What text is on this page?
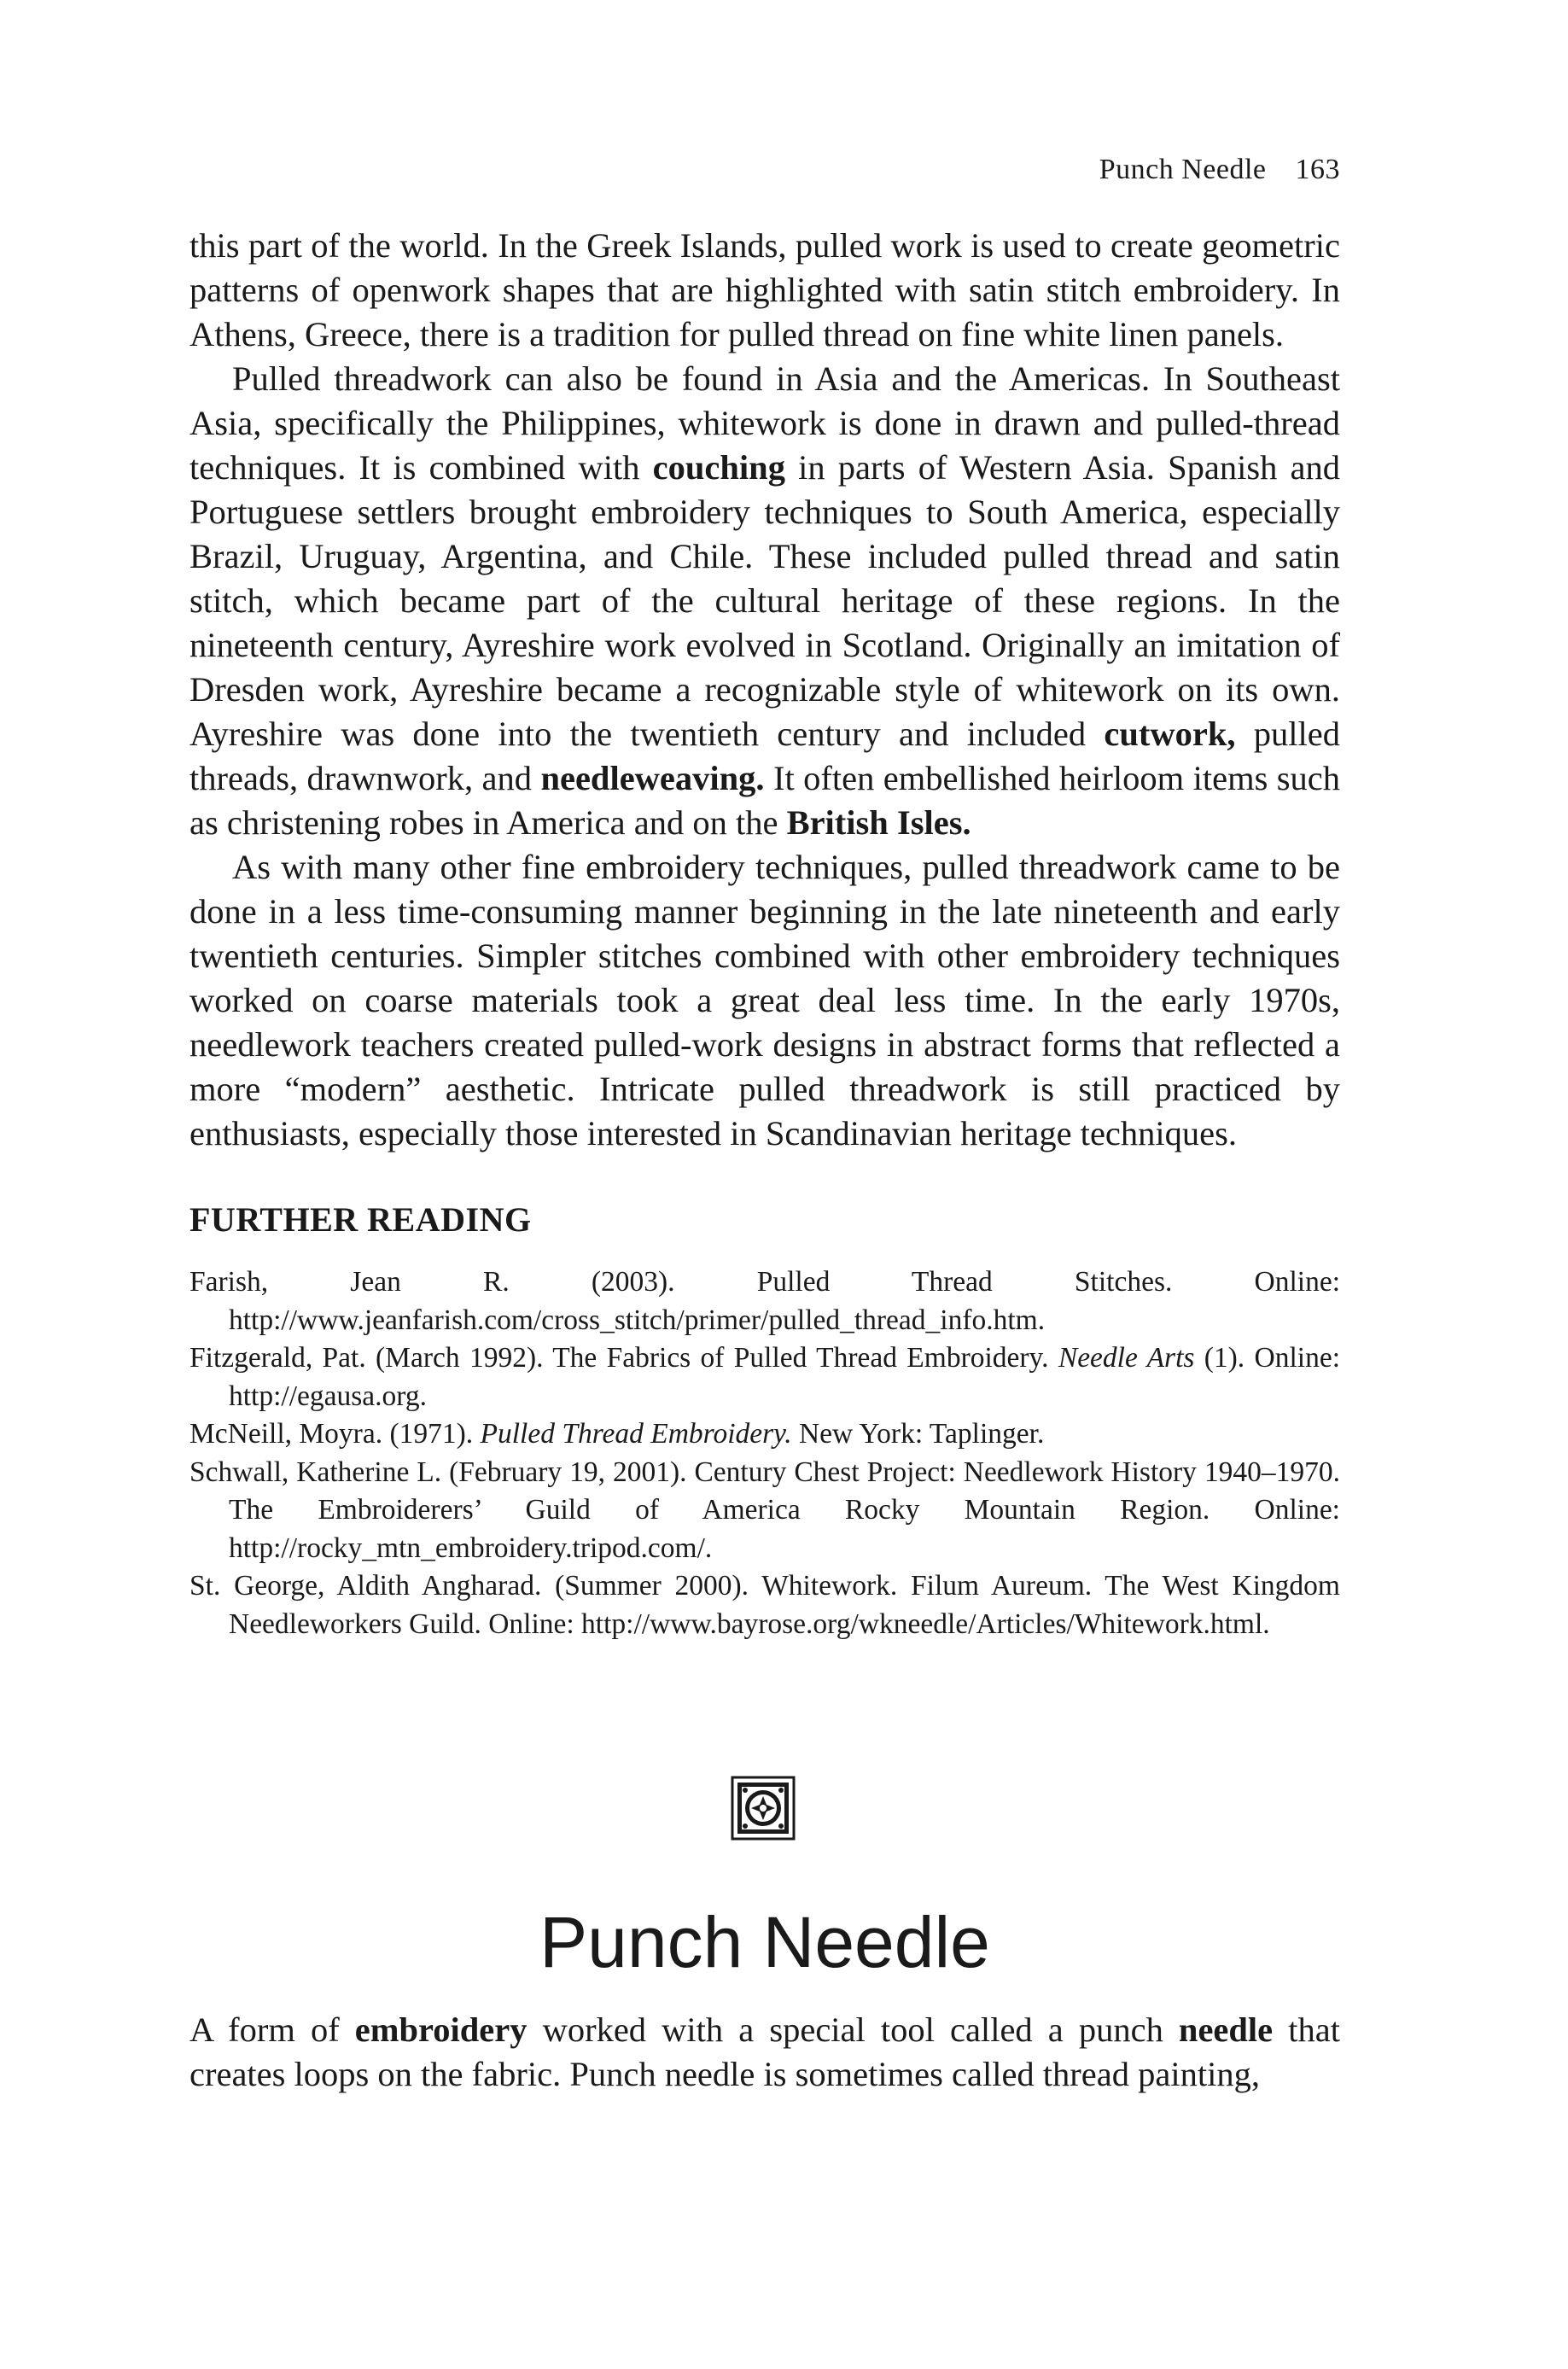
Punch Needle 163

this part of the world. In the Greek Islands, pulled work is used to create geometric patterns of openwork shapes that are highlighted with satin stitch embroidery. In Athens, Greece, there is a tradition for pulled thread on fine white linen panels.

Pulled threadwork can also be found in Asia and the Americas. In Southeast Asia, specifically the Philippines, whitework is done in drawn and pulled-thread techniques. It is combined with couching in parts of Western Asia. Spanish and Portuguese settlers brought embroidery techniques to South America, especially Brazil, Uruguay, Argentina, and Chile. These included pulled thread and satin stitch, which became part of the cultural heritage of these regions. In the nineteenth century, Ayreshire work evolved in Scotland. Originally an imitation of Dresden work, Ayreshire became a recognizable style of whitework on its own. Ayreshire was done into the twentieth century and included cutwork, pulled threads, drawnwork, and needleweaving. It often embellished heirloom items such as christening robes in America and on the British Isles.

As with many other fine embroidery techniques, pulled threadwork came to be done in a less time-consuming manner beginning in the late nineteenth and early twentieth centuries. Simpler stitches combined with other embroidery techniques worked on coarse materials took a great deal less time. In the early 1970s, needlework teachers created pulled-work designs in abstract forms that reflected a more “modern” aesthetic. Intricate pulled threadwork is still practiced by enthusiasts, especially those interested in Scandinavian heritage techniques.

FURTHER READING

Farish, Jean R. (2003). Pulled Thread Stitches. Online: http://www.jeanfarish.com/cross_stitch/primer/pulled_thread_info.htm.

Fitzgerald, Pat. (March 1992). The Fabrics of Pulled Thread Embroidery. Needle Arts (1). Online: http://egausa.org.

McNeill, Moyra. (1971). Pulled Thread Embroidery. New York: Taplinger.

Schwall, Katherine L. (February 19, 2001). Century Chest Project: Needlework History 1940–1970. The Embroiderers’ Guild of America Rocky Mountain Region. Online: http://rocky_mtn_embroidery.tripod.com/.

St. George, Aldith Angharad. (Summer 2000). Whitework. Filum Aureum. The West Kingdom Needleworkers Guild. Online: http://www.bayrose.org/wkneedle/Articles/Whitework.html.

Punch Needle

A form of embroidery worked with a special tool called a punch needle that creates loops on the fabric. Punch needle is sometimes called thread painting,
